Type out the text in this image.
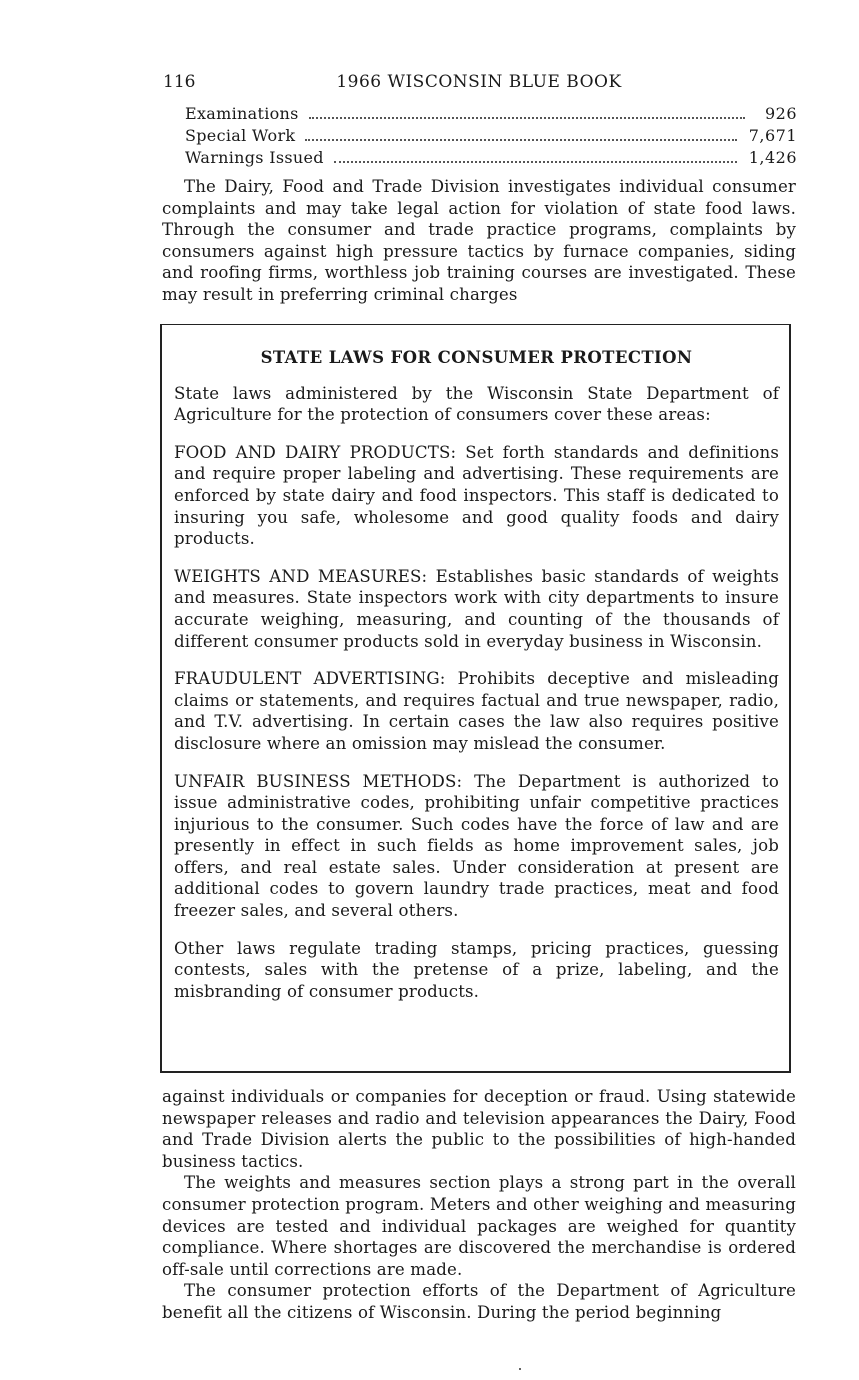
116	1966 WISCONSIN BLUE BOOK
Examinations	926
Special Work	7,671
Warnings Issued	1,426

The Dairy, Food and Trade Division investigates individual consumer complaints and may take legal action for violation of state food laws. Through the consumer and trade practice programs, complaints by consumers against high pressure tactics by furnace companies, siding and roofing firms, worthless job training courses are investigated. These may result in preferring criminal charges

STATE LAWS FOR CONSUMER PROTECTION

State laws administered by the Wisconsin State Department of Agriculture for the protection of consumers cover these areas:

FOOD AND DAIRY PRODUCTS: Set forth standards and definitions and require proper labeling and advertising. These requirements are enforced by state dairy and food inspectors. This staff is dedicated to insuring you safe, wholesome and good quality foods and dairy products.

WEIGHTS AND MEASURES: Establishes basic standards of weights and measures. State inspectors work with city departments to insure accurate weighing, measuring, and counting of the thousands of different consumer products sold in everyday business in Wisconsin.

FRAUDULENT ADVERTISING: Prohibits deceptive and misleading claims or statements, and requires factual and true newspaper, radio, and T.V. advertising. In certain cases the law also requires positive disclosure where an omission may mislead the consumer.

UNFAIR BUSINESS METHODS: The Department is authorized to issue administrative codes, prohibiting unfair competitive practices injurious to the consumer. Such codes have the force of law and are presently in effect in such fields as home improvement sales, job offers, and real estate sales. Under consideration at present are additional codes to govern laundry trade practices, meat and food freezer sales, and several others.

Other laws regulate trading stamps, pricing practices, guessing contests, sales with the pretense of a prize, labeling, and the misbranding of consumer products.

against individuals or companies for deception or fraud. Using statewide newspaper releases and radio and television appearances the Dairy, Food and Trade Division alerts the public to the possibilities of high-handed business tactics.

The weights and measures section plays a strong part in the overall consumer protection program. Meters and other weighing and measuring devices are tested and individual packages are weighed for quantity compliance. Where shortages are discovered the merchandise is ordered off-sale until corrections are made.

The consumer protection efforts of the Department of Agriculture benefit all the citizens of Wisconsin. During the period beginning
